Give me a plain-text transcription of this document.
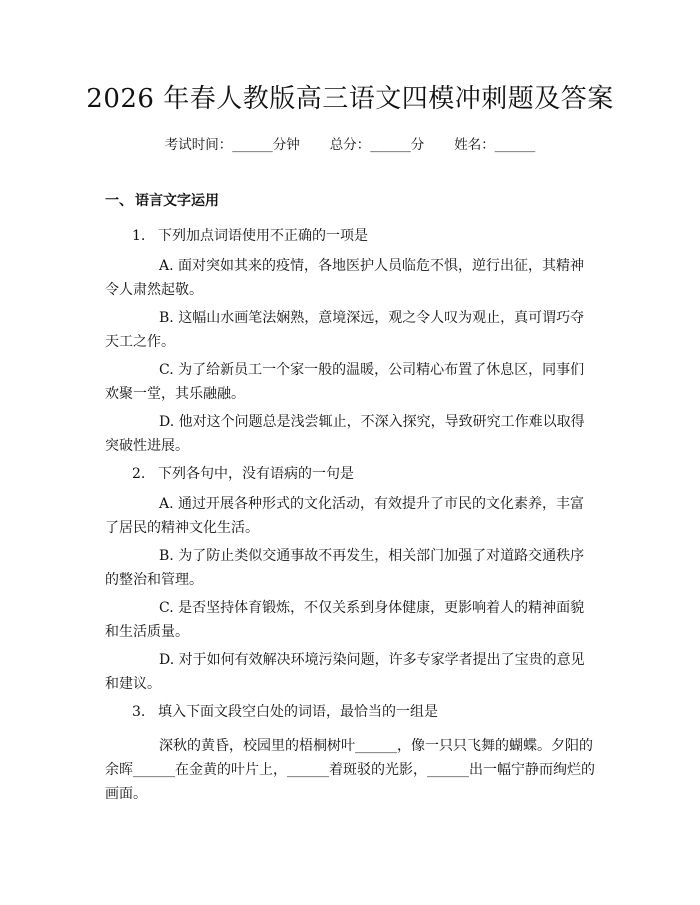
2026 年春人教版高三语文四模冲刺题及答案
考试时间：______分钟 总分：______分 姓名：______
一、 语言文字运用
1. 下列加点词语使用不正确的一项是
A. 面对突如其来的疫情，各地医护人员临危不惧，逆行出征，其精神令人肃然起敬。
B. 这幅山水画笔法娴熟，意境深远，观之令人叹为观止，真可谓巧夺天工之作。
C. 为了给新员工一个家一般的温暖，公司精心布置了休息区，同事们欢聚一堂，其乐融融。
D. 他对这个问题总是浅尝辄止，不深入探究，导致研究工作难以取得突破性进展。
2. 下列各句中，没有语病的一句是
A. 通过开展各种形式的文化活动，有效提升了市民的文化素养，丰富了居民的精神文化生活。
B. 为了防止类似交通事故不再发生，相关部门加强了对道路交通秩序的整治和管理。
C. 是否坚持体育锻炼，不仅关系到身体健康，更影响着人的精神面貌和生活质量。
D. 对于如何有效解决环境污染问题，许多专家学者提出了宝贵的意见和建议。
3. 填入下面文段空白处的词语，最恰当的一组是
深秋的黄昏，校园里的梧桐树叶______，像一只只飞舞的蝴蝶。夕阳的余晖______在金黄的叶片上，______着斑驳的光影，______出一幅宁静而绚烂的画面。
